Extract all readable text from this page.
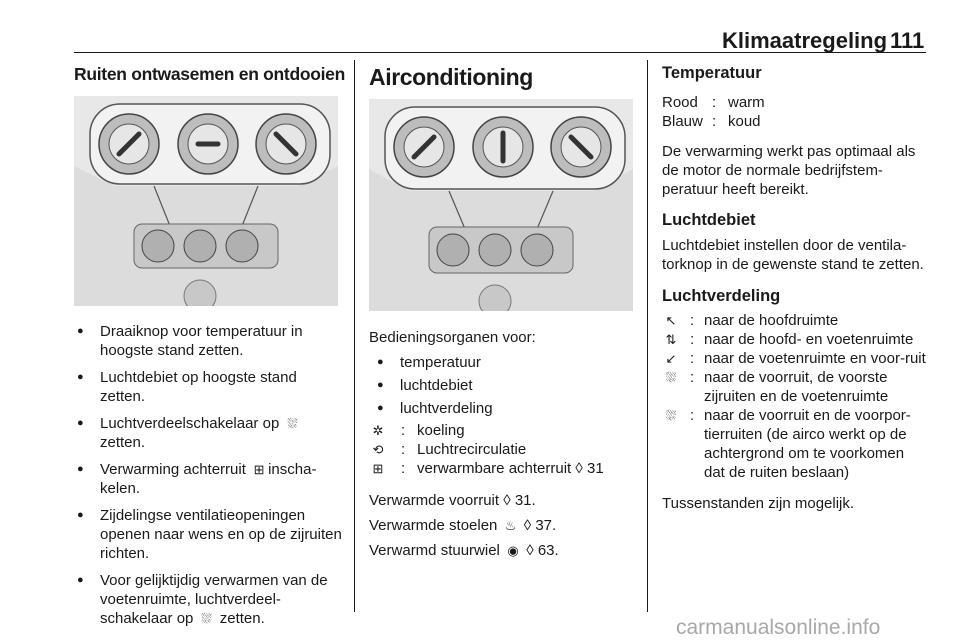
Klimaatregeling 111
Ruiten ontwasemen en ontdooien
● Draaiknop voor temperatuur in hoogste stand zetten.
● Luchtdebiet op hoogste stand zetten.
● Luchtverdeelschakelaar op ⛆ zetten.
● Verwarming achterruit ⊞ inscha-kelen.
● Zijdelingse ventilatieopeningen openen naar wens en op de zijruiten richten.
● Voor gelijktijdig verwarmen van de voetenruimte, luchtverdeel-schakelaar op ⛆ zetten.
Airconditioning

Bedieningsorganen voor:

● temperatuur
● luchtdebiet
● luchtverdeling
✲ : koeling
⟲ : Luchtrecirculatie
⊞ : verwarmbare achterruit ◊ 31

Verwarmde voorruit ◊ 31.

Verwarmde stoelen ♨ ◊ 37.

Verwarmd stuurwiel ◉ ◊ 63.

Temperatuur
Rood : warm
Blauw : koud

De verwarming werkt pas optimaal als de motor de normale bedrijfstem-peratuur heeft bereikt.

Luchtdebiet

Luchtdebiet instellen door de ventila-torknop in de gewenste stand te zetten.

Luchtverdeling
↖ : naar de hoofdruimte
⇅ : naar de hoofd- en voetenruimte
↙ : naar de voetenruimte en voor-ruit
⛆ : naar de voorruit, de voorste zijruiten en de voetenruimte
⛆ : naar de voorruit en de voorpor-tierruiten (de airco werkt op de achtergrond om te voorkomen dat de ruiten beslaan)

Tussenstanden zijn mogelijk.

carmanualsonline.info
